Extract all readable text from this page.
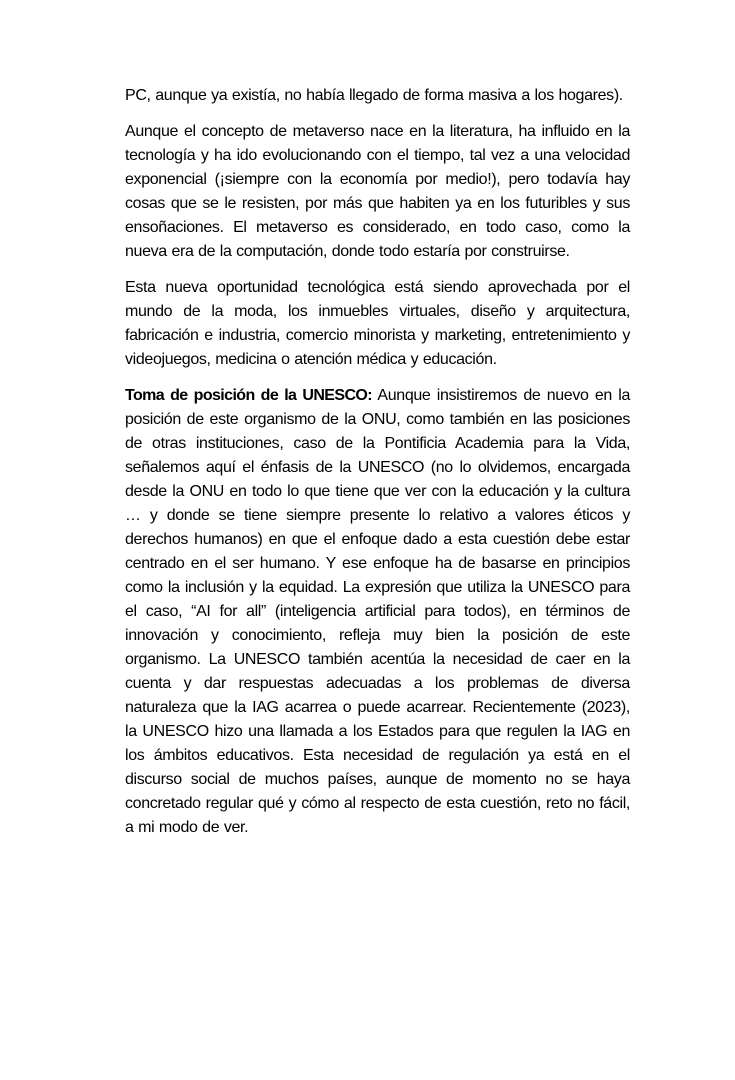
PC, aunque ya existía, no había llegado de forma masiva a los hogares).

Aunque el concepto de metaverso nace en la literatura, ha influido en la tecnología y ha ido evolucionando con el tiempo, tal vez a una velocidad exponencial (¡siempre con la economía por medio!), pero todavía hay cosas que se le resisten, por más que habiten ya en los futuribles y sus ensoñaciones. El metaverso es considerado, en todo caso, como la nueva era de la computación, donde todo estaría por construirse.

Esta nueva oportunidad tecnológica está siendo aprovechada por el mundo de la moda, los inmuebles virtuales, diseño y arquitectura, fabricación e industria, comercio minorista y marketing, entretenimiento y videojuegos, medicina o atención médica y educación.

Toma de posición de la UNESCO: Aunque insistiremos de nuevo en la posición de este organismo de la ONU, como también en las posiciones de otras instituciones, caso de la Pontificia Academia para la Vida, señalemos aquí el énfasis de la UNESCO (no lo olvidemos, encargada desde la ONU en todo lo que tiene que ver con la educación y la cultura … y donde se tiene siempre presente lo relativo a valores éticos y derechos humanos) en que el enfoque dado a esta cuestión debe estar centrado en el ser humano. Y ese enfoque ha de basarse en principios como la inclusión y la equidad. La expresión que utiliza la UNESCO para el caso, “AI for all” (inteligencia artificial para todos), en términos de innovación y conocimiento, refleja muy bien la posición de este organismo. La UNESCO también acentúa la necesidad de caer en la cuenta y dar respuestas adecuadas a los problemas de diversa naturaleza que la IAG acarrea o puede acarrear. Recientemente (2023), la UNESCO hizo una llamada a los Estados para que regulen la IAG en los ámbitos educativos. Esta necesidad de regulación ya está en el discurso social de muchos países, aunque de momento no se haya concretado regular qué y cómo al respecto de esta cuestión, reto no fácil, a mi modo de ver.
